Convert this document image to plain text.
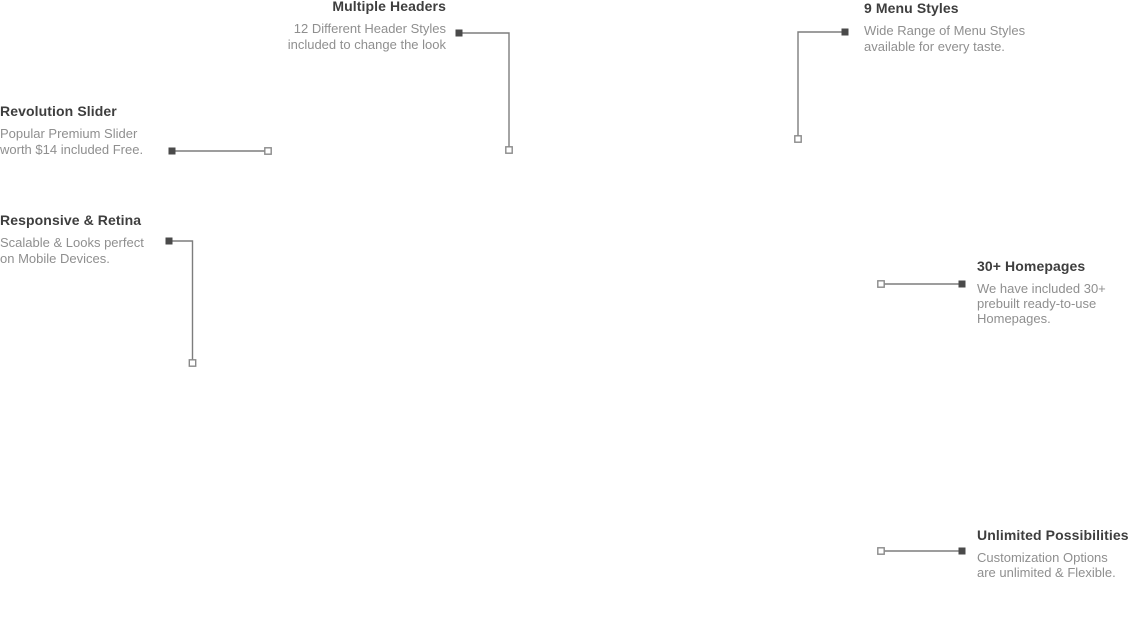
Multiple Headers
12 Different Header Styles
included to change the look
9 Menu Styles
Wide Range of Menu Styles
available for every taste.
Revolution Slider
Popular Premium Slider
worth $14 included Free.
Responsive & Retina
Scalable & Looks perfect
on Mobile Devices.	30+ Homepages
We have included 30+
prebuilt ready-to-use
Homepages.
Unlimited Possibilities
Customization Options
are unlimited & Flexible.
